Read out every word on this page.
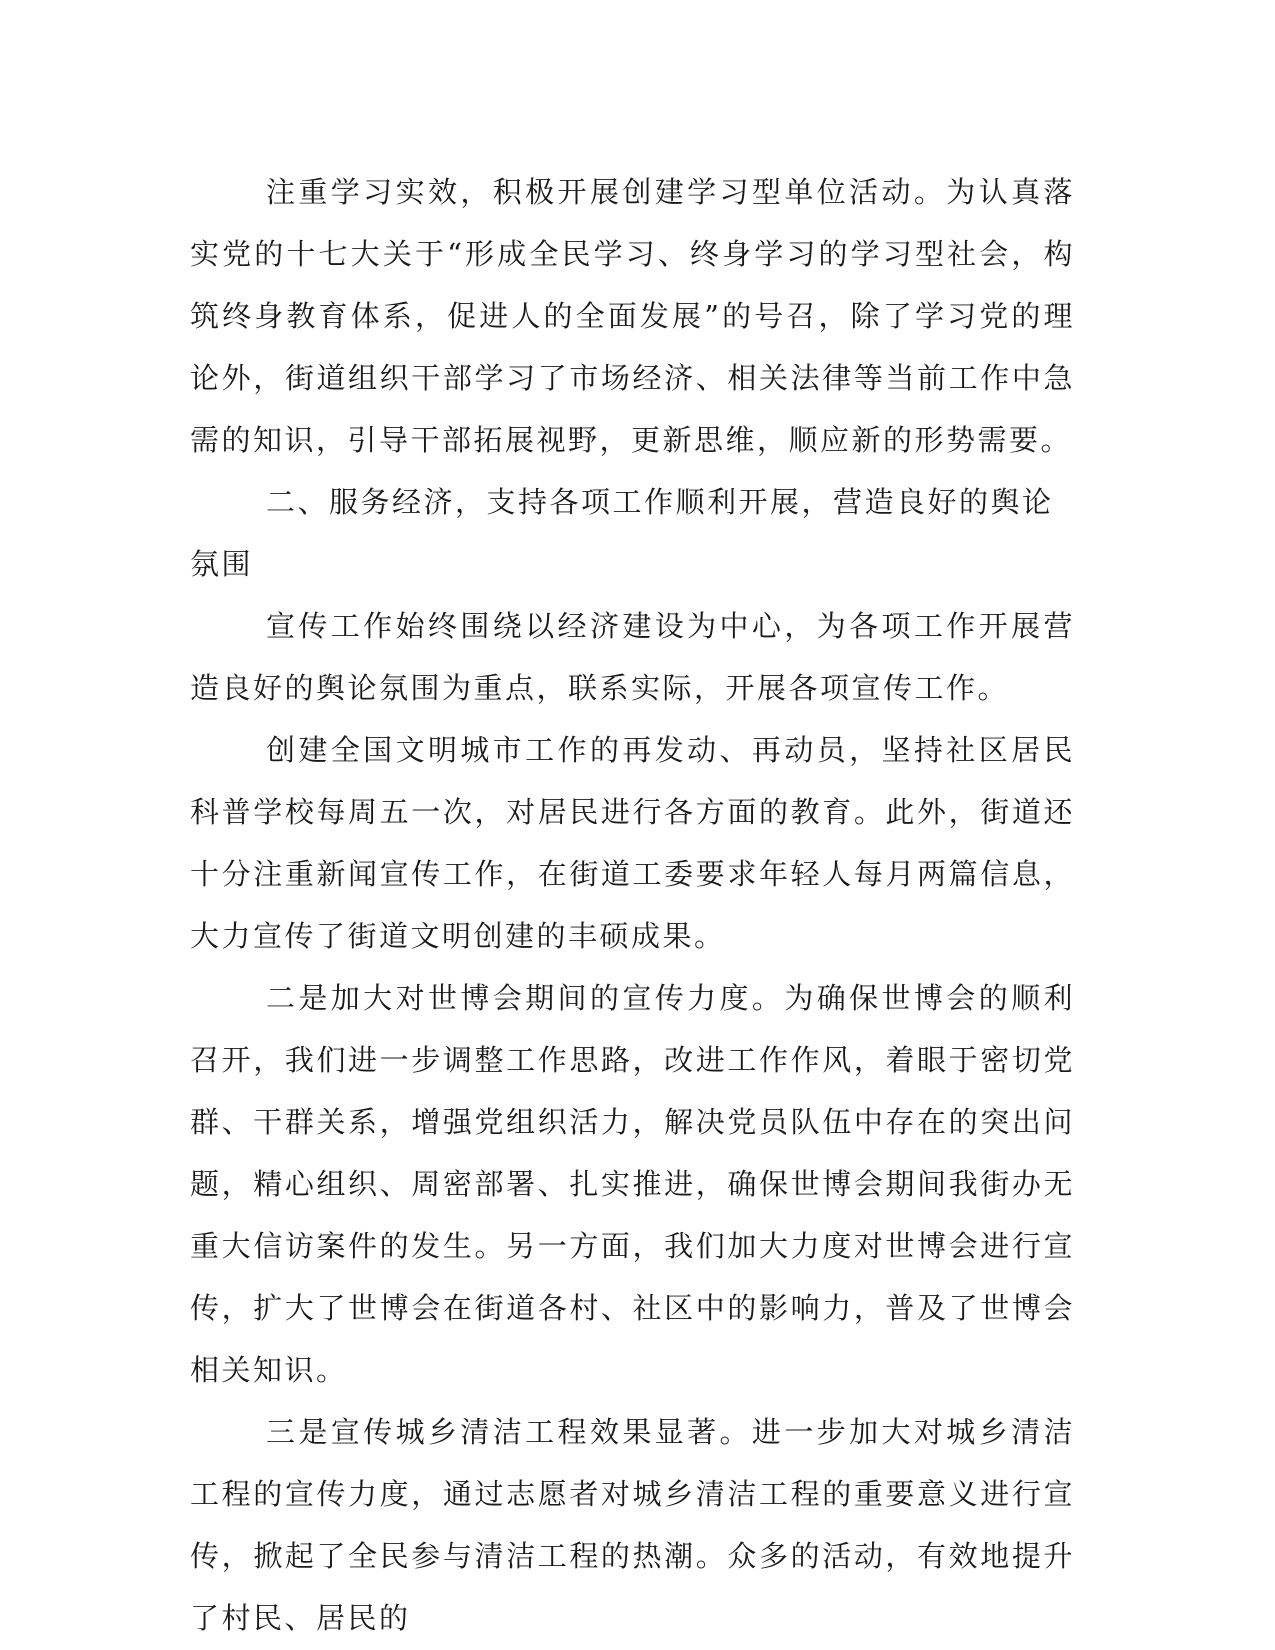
注重学习实效，积极开展创建学习型单位活动。为认真落实党的十七大关于“形成全民学习、终身学习的学习型社会，构筑终身教育体系，促进人的全面发展”的号召，除了学习党的理论外，街道组织干部学习了市场经济、相关法律等当前工作中急需的知识，引导干部拓展视野，更新思维，顺应新的形势需要。

二、服务经济，支持各项工作顺利开展，营造良好的舆论氛围

宣传工作始终围绕以经济建设为中心，为各项工作开展营造良好的舆论氛围为重点，联系实际，开展各项宣传工作。

创建全国文明城市工作的再发动、再动员，坚持社区居民科普学校每周五一次，对居民进行各方面的教育。此外，街道还十分注重新闻宣传工作，在街道工委要求年轻人每月两篇信息，大力宣传了街道文明创建的丰硕成果。

二是加大对世博会期间的宣传力度。为确保世博会的顺利召开，我们进一步调整工作思路，改进工作作风，着眼于密切党群、干群关系，增强党组织活力，解决党员队伍中存在的突出问题，精心组织、周密部署、扎实推进，确保世博会期间我街办无重大信访案件的发生。另一方面，我们加大力度对世博会进行宣传，扩大了世博会在街道各村、社区中的影响力，普及了世博会相关知识。

三是宣传城乡清洁工程效果显著。进一步加大对城乡清洁工程的宣传力度，通过志愿者对城乡清洁工程的重要意义进行宣传，掀起了全民参与清洁工程的热潮。众多的活动，有效地提升了村民、居民的
